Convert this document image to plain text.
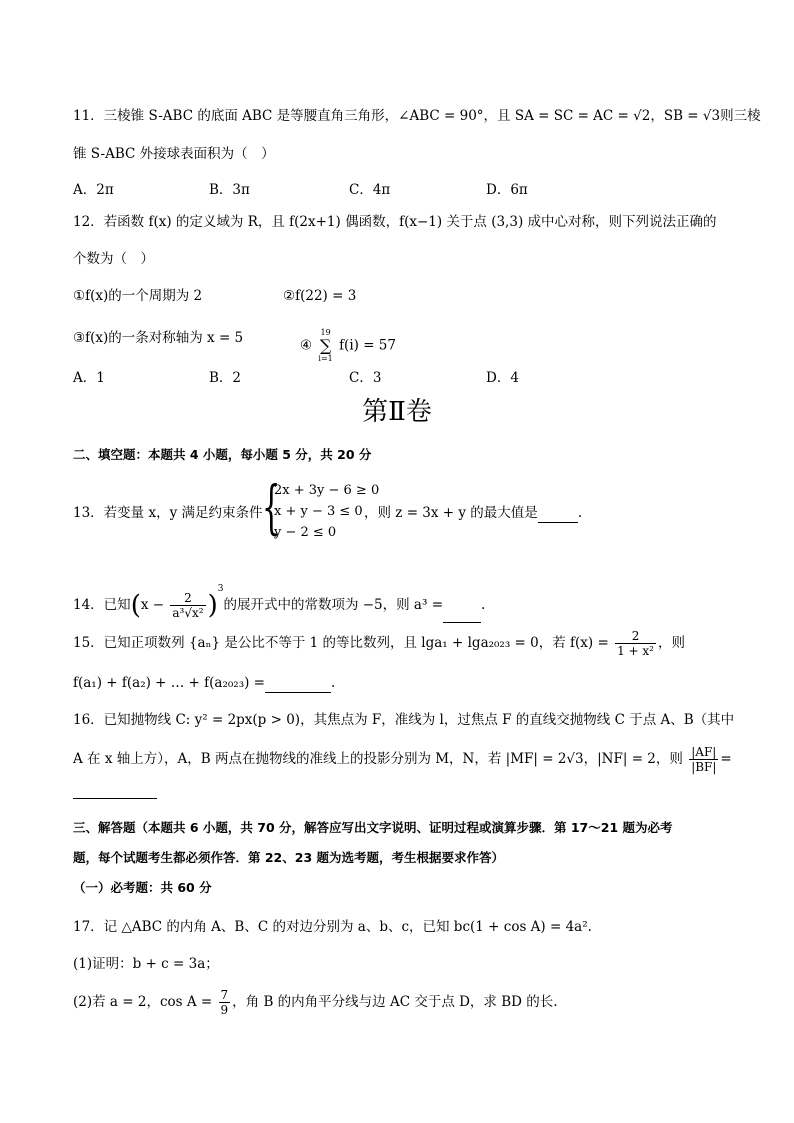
11．三棱锥 S-ABC 的底面 ABC 是等腰直角三角形，∠ABC = 90°，且 SA = SC = AC = √2，SB = √3则三棱
锥 S-ABC 外接球表面积为（　）
A．2π	B．3π	C．4π	D．6π
12．若函数 f(x) 的定义域为 R，且 f(2x+1) 偶函数，f(x−1) 关于点 (3,3) 成中心对称，则下列说法正确的
个数为（　）
①f(x)的一个周期为 2	②f(22) = 3
③f(x)的一条对称轴为 x = 5	④
19
∑
i=1
f(i) = 57
A．1	B．2	C．3	D．4
第Ⅱ卷
二、填空题：本题共 4 小题，每小题 5 分，共 20 分
13．若变量 x，y 满足约束条件 {
2x + 3y − 6 ≥ 0
x + y − 3 ≤ 0
y − 2 ≤ 0
，则 z = 3x + y 的最大值是	.
14．已知$(x - \frac{2}{\text{a³√x²}} )^3$的展开式中的常数项为 −5，则 a³ =	.
15．已知正项数列 {aₙ} 是公比不等于 1 的等比数列，且 lga₁ + lga₂₀₂₃ = 0，若 $f(x) = \frac{2}{\text{1 + x²}}$ ，则
f(a₁) + f(a₂) + … + f(a₂₀₂₃) =	.
16．已知抛物线 C: y² = 2px(p > 0)，其焦点为 F，准线为 l，过焦点 F 的直线交抛物线 C 于点 A、B（其中
A 在 x 轴上方），A，B 两点在抛物线的准线上的投影分别为 M，N，若 |MF| = 2√3，|NF| = 2，则 $\frac{|AF|}{|BF|}$ =
三、解答题（本题共 6 小题，共 70 分，解答应写出文字说明、证明过程或演算步骤．第 17～21 题为必考
题，每个试题考生都必须作答．第 22、23 题为选考题，考生根据要求作答）
（一）必考题：共 60 分
17．记 △ABC 的内角 A、B、C 的对边分别为 a、b、c，已知 bc(1 + cos A) = 4a².
(1)证明：b + c = 3a；
(2)若 a = 2，$\cos A = \frac{7}{9}$ ，角 B 的内角平分线与边 AC 交于点 D，求 BD 的长.
